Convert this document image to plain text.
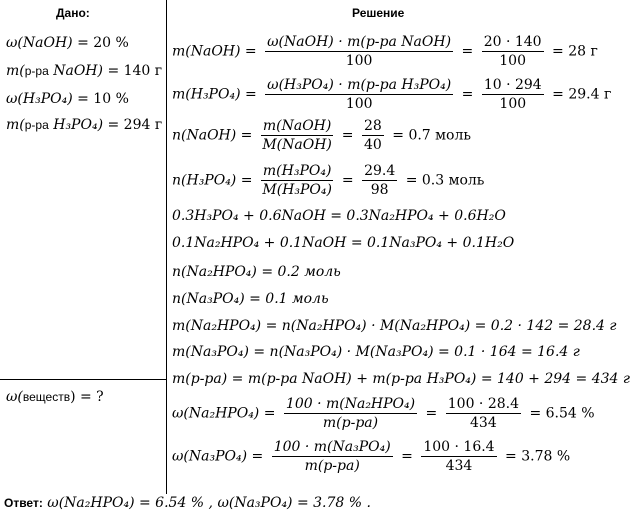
Дано:	Решение
ω(NaOH) = 20 %
m(р-ра NaOH) = 140 г
ω(H₃PO₄) = 10 %
m(р-ра H₃PO₄) = 294 г
ω(веществ) = ?
m(NaOH) = $\frac{\text{ω(NaOH) · m(р-ра NaOH)}}{100} = \frac{20 \cdot 140}{100} = 28$ г
$m(H_3PO_4) = \frac{\text{ω(H₃PO₄) · m(р-ра H₃PO₄)}}{100} = \frac{10 \cdot 294}{100} = 29.4$ г
n(NaOH) = $\frac{\text{m(NaOH)}}{\text{M(NaOH)}} = \frac{28}{40} = 0.7$ моль
$n(H_3PO_4) = \frac{\text{m(H₃PO₄)}}{\text{M(H₃PO₄)}} = \frac{29.4}{98} = 0.3$ моль
0.3H₃PO₄ + 0.6NaOH = 0.3Na₂HPO₄ + 0.6H₂O
0.1Na₂HPO₄ + 0.1NaOH = 0.1Na₃PO₄ + 0.1H₂O
n(Na₂HPO₄) = 0.2 моль
n(Na₃PO₄) = 0.1 моль
m(Na₂HPO₄) = n(Na₂HPO₄) · M(Na₂HPO₄) = 0.2 · 142 = 28.4 г
m(Na₃PO₄) = n(Na₃PO₄) · M(Na₃PO₄) = 0.1 · 164 = 16.4 г
m(р-ра) = m(р-ра NaOH) + m(р-ра H₃PO₄) = 140 + 294 = 434 г
$\omega(Na_2HPO_4) = \frac{\text{100 · m(Na₂HPO₄)}}{m(р-ра)} = \frac{100 \cdot 28.4}{434} = 6.54$ %
$\omega(Na_3PO_4) = \frac{\text{100 · m(Na₃PO₄)}}{m(р-ра)} = \frac{100 \cdot 16.4}{434} = 3.78$ %
Ответ: ω(Na₂HPO₄) = 6.54 % , ω(Na₃PO₄) = 3.78 % .
